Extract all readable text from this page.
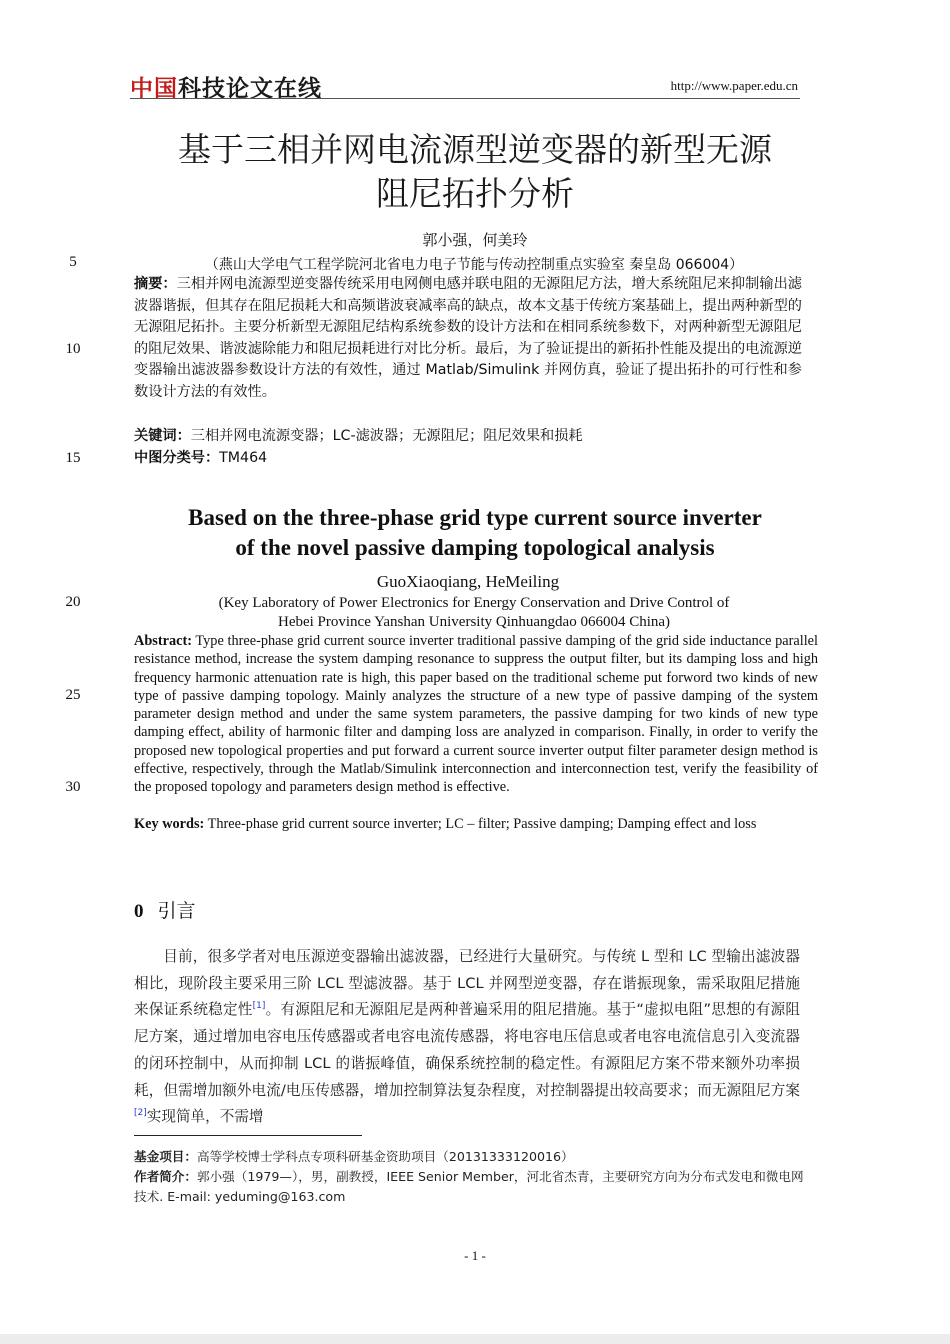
中国科技论文在线	http://www.paper.edu.cn
基于三相并网电流源型逆变器的新型无源
阻尼拓扑分析
郭小强，何美玲
5
10
15
20
25
30
（燕山大学电气工程学院河北省电力电子节能与传动控制重点实验室 秦皇岛 066004）
摘要：三相并网电流源型逆变器传统采用电网侧电感并联电阻的无源阻尼方法，增大系统阻尼来抑制输出滤波器谐振，但其存在阻尼损耗大和高频谐波衰减率高的缺点，故本文基于传统方案基础上，提出两种新型的无源阻尼拓扑。主要分析新型无源阻尼结构系统参数的设计方法和在相同系统参数下，对两种新型无源阻尼的阻尼效果、谐波滤除能力和阻尼损耗进行对比分析。最后，为了验证提出的新拓扑性能及提出的电流源逆变器输出滤波器参数设计方法的有效性，通过 Matlab/Simulink 并网仿真，验证了提出拓扑的可行性和参数设计方法的有效性。
关键词：三相并网电流源变器；LC-滤波器；无源阻尼；阻尼效果和损耗
中图分类号：TM464
Based on the three-phase grid type current source inverter
of the novel passive damping topological analysis
GuoXiaoqiang, HeMeiling
(Key Laboratory of Power Electronics for Energy Conservation and Drive Control of
Hebei Province Yanshan University Qinhuangdao 066004 China)
Abstract: Type three-phase grid current source inverter traditional passive damping of the grid side inductance parallel resistance method, increase the system damping resonance to suppress the output filter, but its damping loss and high frequency harmonic attenuation rate is high, this paper based on the traditional scheme put forword two kinds of new type of passive damping topology. Mainly analyzes the structure of a new type of passive damping of the system parameter design method and under the same system parameters, the passive damping for two kinds of new type damping effect, ability of harmonic filter and damping loss are analyzed in comparison. Finally, in order to verify the proposed new topological properties and put forward a current source inverter output filter parameter design method is effective, respectively, through the Matlab/Simulink interconnection and interconnection test, verify the feasibility of the proposed topology and parameters design method is effective.
Key words: Three-phase grid current source inverter; LC – filter; Passive damping; Damping effect and loss
0 引言

目前，很多学者对电压源逆变器输出滤波器，已经进行大量研究。与传统 L 型和 LC 型输出滤波器相比，现阶段主要采用三阶 LCL 型滤波器。基于 LCL 并网型逆变器，存在谐振现象，需采取阻尼措施来保证系统稳定性[1]。有源阻尼和无源阻尼是两种普遍采用的阻尼措施。基于“虚拟电阻”思想的有源阻尼方案，通过增加电容电压传感器或者电容电流传感器，将电容电压信息或者电容电流信息引入变流器的闭环控制中，从而抑制 LCL 的谐振峰值，确保系统控制的稳定性。有源阻尼方案不带来额外功率损耗，但需增加额外电流/电压传感器，增加控制算法复杂程度，对控制器提出较高要求；而无源阻尼方案[2]实现简单，不需增

基金项目：高等学校博士学科点专项科研基金资助项目（20131333120016）
作者简介：郭小强（1979—），男，副教授，IEEE Senior Member，河北省杰青，主要研究方向为分布式发电和微电网技术. E-mail: yeduming@163.com
- 1 -
